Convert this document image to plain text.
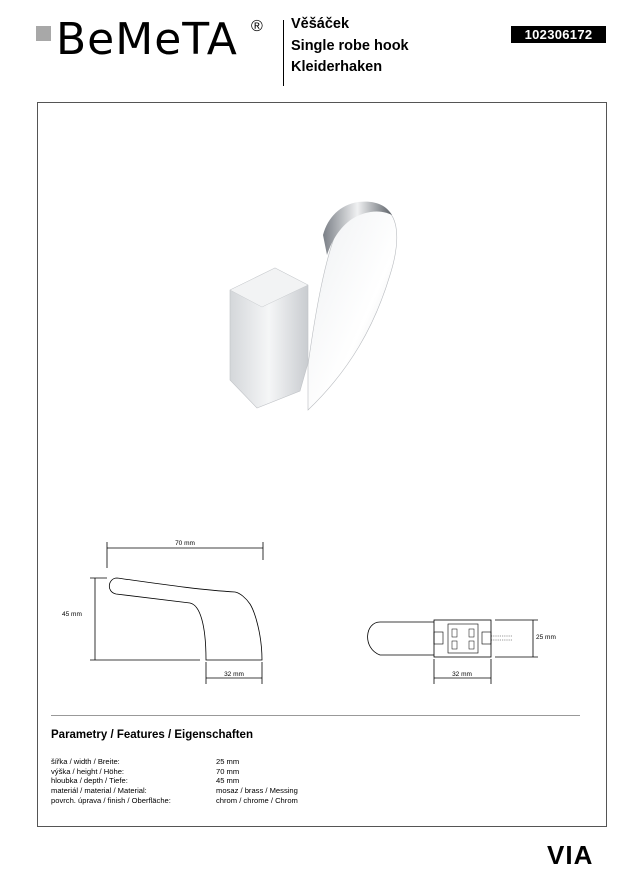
BeMeTA ® Věšáček
Single robe hook
Kleiderhaken
102306172
70 mm
45 mm
32 mm
25 mm
32 mm
Parametry / Features / Eigenschaften
šířka / width / Breite:	25 mm
výška / height / Höhe:	70 mm
hloubka / depth / Tiefe:	45 mm
materiál / material / Material:	mosaz / brass / Messing
povrch. úprava / finish / Oberfläche:	chrom / chrome / Chrom
VIA
